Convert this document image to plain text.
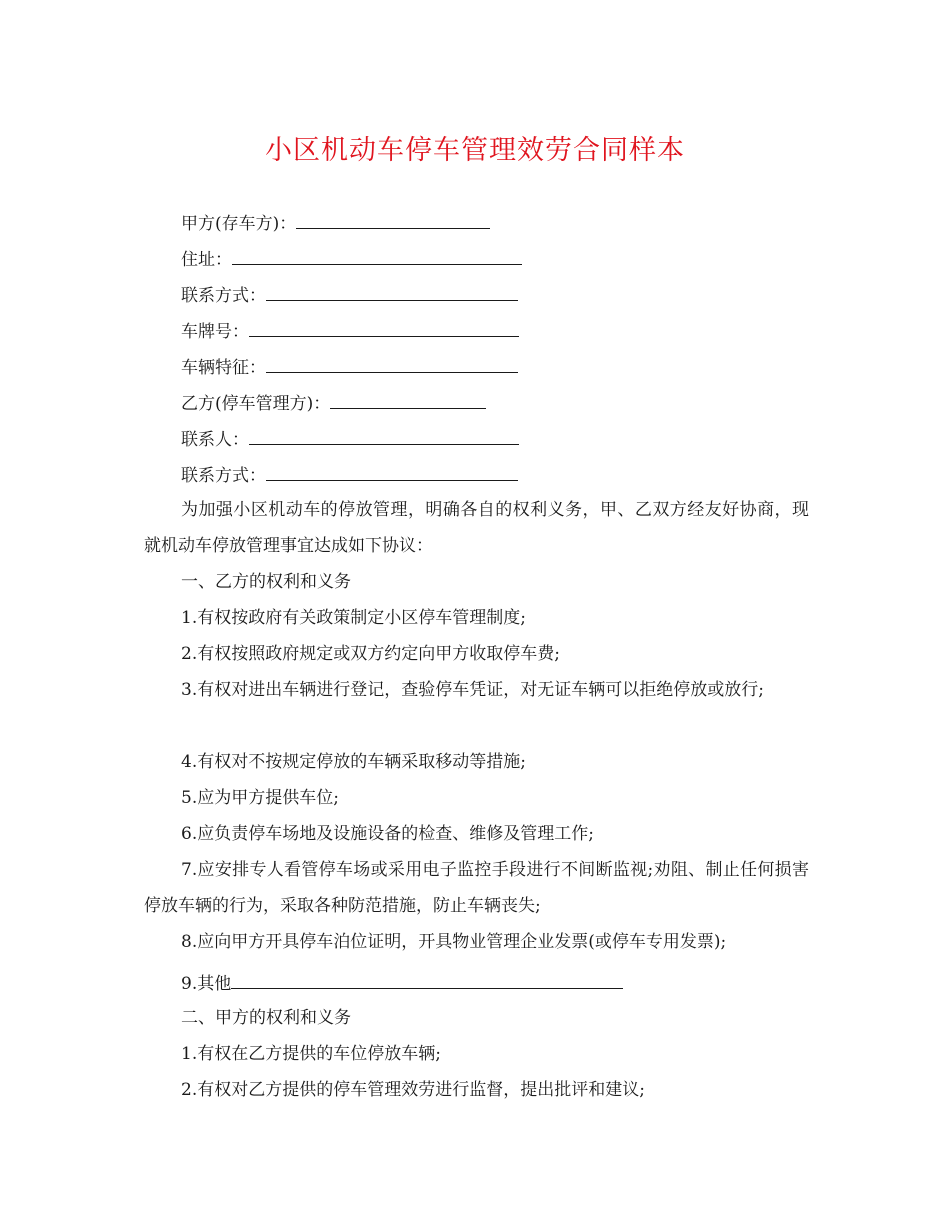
小区机动车停车管理效劳合同样本
甲方(存车方)：
住址：
联系方式：
车牌号：
车辆特征：
乙方(停车管理方)：
联系人：
联系方式：

为加强小区机动车的停放管理，明确各自的权利义务，甲、乙双方经友好协商，现就机动车停放管理事宜达成如下协议：

一、乙方的权利和义务

1.有权按政府有关政策制定小区停车管理制度;

2.有权按照政府规定或双方约定向甲方收取停车费;

3.有权对进出车辆进行登记，查验停车凭证，对无证车辆可以拒绝停放或放行;

4.有权对不按规定停放的车辆采取移动等措施;

5.应为甲方提供车位;

6.应负责停车场地及设施设备的检查、维修及管理工作;

7.应安排专人看管停车场或采用电子监控手段进行不间断监视;劝阻、制止任何损害停放车辆的行为，采取各种防范措施，防止车辆丧失;

8.应向甲方开具停车泊位证明，开具物业管理企业发票(或停车专用发票);

9.其他

二、甲方的权利和义务

1.有权在乙方提供的车位停放车辆;

2.有权对乙方提供的停车管理效劳进行监督，提出批评和建议;
